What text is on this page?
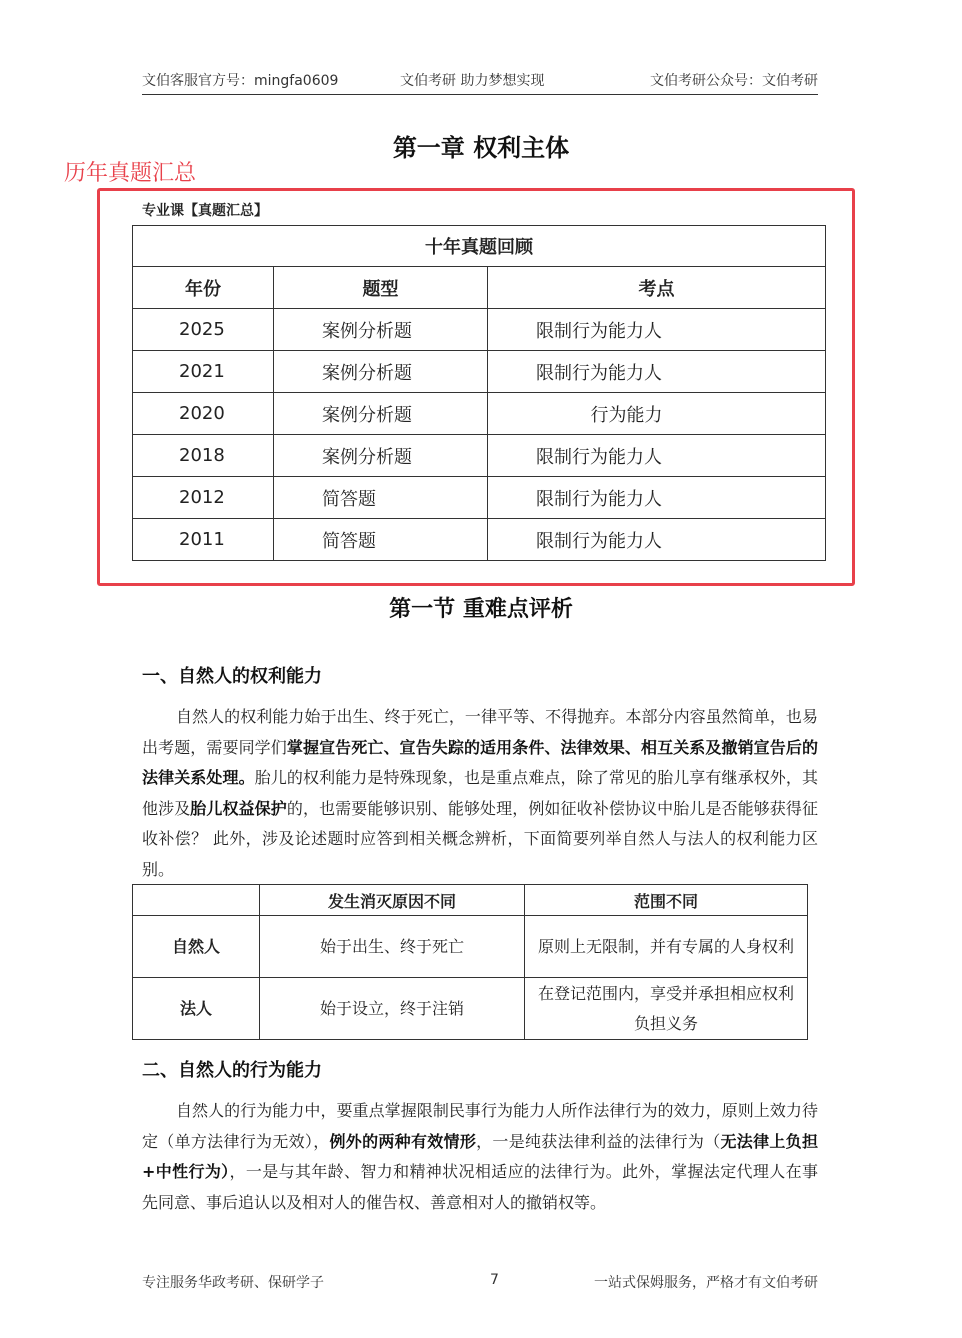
文伯客服官方号：mingfa0609	文伯考研 助力梦想实现	文伯考研公众号：文伯考研
第一章 权利主体
历年真题汇总
专业课【真题汇总】
十年真题回顾		
年份	题型	考点
2025	案例分析题	限制行为能力人
2021	案例分析题	限制行为能力人
2020	案例分析题	行为能力
2018	案例分析题	限制行为能力人
2012	简答题	限制行为能力人
2011	简答题	限制行为能力人
第一节 重难点评析
一、自然人的权利能力

自然人的权利能力始于出生、终于死亡，一律平等、不得抛弃。本部分内容虽然简单，也易出考题，需要同学们掌握宣告死亡、宣告失踪的适用条件、法律效果、相互关系及撤销宣告后的法律关系处理。胎儿的权利能力是特殊现象，也是重点难点，除了常见的胎儿享有继承权外，其他涉及胎儿权益保护的，也需要能够识别、能够处理，例如征收补偿协议中胎儿是否能够获得征收补偿？ 此外，涉及论述题时应答到相关概念辨析，下面简要列举自然人与法人的权利能力区别。

	发生消灭原因不同	范围不同
自然人	始于出生、终于死亡	原则上无限制，并有专属的人身权利
法人	始于设立，终于注销	在登记范围内，享受并承担相应权利负担义务
二、自然人的行为能力

自然人的行为能力中，要重点掌握限制民事行为能力人所作法律行为的效力，原则上效力待定（单方法律行为无效），例外的两种有效情形，一是纯获法律利益的法律行为（无法律上负担+中性行为），一是与其年龄、智力和精神状况相适应的法律行为。此外，掌握法定代理人在事先同意、事后追认以及相对人的催告权、善意相对人的撤销权等。

专注服务华政考研、保研学子	7	一站式保姆服务，严格才有文伯考研
